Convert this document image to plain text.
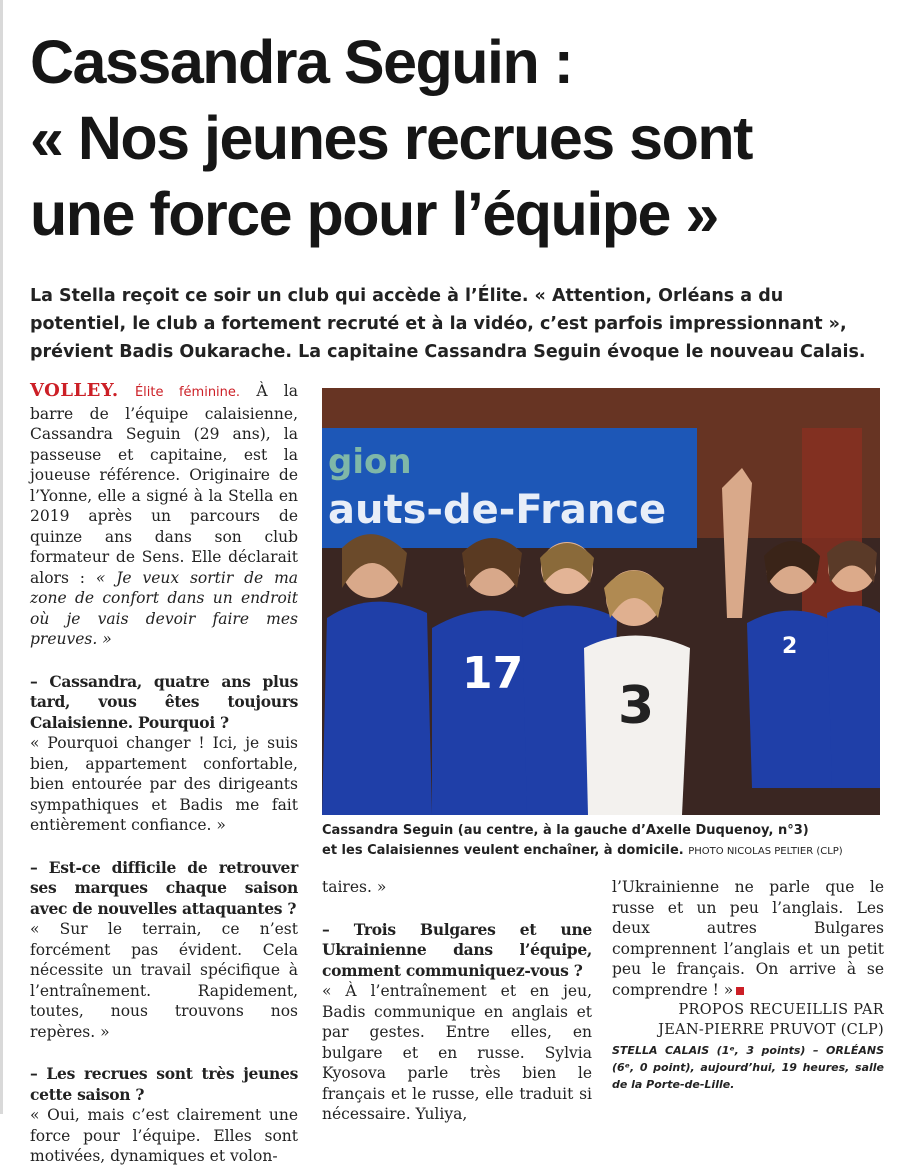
Cassandra Seguin :
« Nos jeunes recrues sont
une force pour l’équipe »
La Stella reçoit ce soir un club qui accède à l’Élite. « Attention, Orléans a du
potentiel, le club a fortement recruté et à la vidéo, c’est parfois impressionnant »,
prévient Badis Oukarache. La capitaine Cassandra Seguin évoque le nouveau Calais.

VOLLEY. Élite féminine. À la barre de l’équipe calaisienne, Cassandra Seguin (29 ans), la passeuse et capitaine, est la joueuse référence. Originaire de l’Yonne, elle a signé à la Stella en 2019 après un parcours de quinze ans dans son club formateur de Sens. Elle déclarait alors : « Je veux sortir de ma zone de confort dans un endroit où je vais devoir faire mes preuves. »

– Cassandra, quatre ans plus tard, vous êtes toujours Calaisienne. Pourquoi ?

« Pourquoi changer ! Ici, je suis bien, appartement confortable, bien entourée par des dirigeants sympathiques et Badis me fait entièrement confiance. »

– Est-ce difficile de retrouver ses marques chaque saison avec de nouvelles attaquantes ?

« Sur le terrain, ce n’est forcément pas évident. Cela nécessite un travail spécifique à l’entraînement. Rapidement, toutes, nous trouvons nos repères. »

– Les recrues sont très jeunes cette saison ?

« Oui, mais c’est clairement une force pour l’équipe. Elles sont motivées, dynamiques et volon-

gion
auts-de-France
17
3
2
Cassandra Seguin (au centre, à la gauche d’Axelle Duquenoy, n°3)
et les Calaisiennes veulent enchaîner, à domicile. PHOTO NICOLAS PELTIER (CLP)

taires. »

– Trois Bulgares et une Ukrainienne dans l’équipe, comment communiquez-vous ?

« À l’entraînement et en jeu, Badis communique en anglais et par gestes. Entre elles, en bulgare et en russe. Sylvia Kyosova parle très bien le français et le russe, elle traduit si nécessaire. Yuliya,

l’Ukrainienne ne parle que le russe et un peu l’anglais. Les deux autres Bulgares comprennent l’anglais et un petit peu le français. On arrive à se comprendre ! »

PROPOS RECUEILLIS PAR
JEAN-PIERRE PRUVOT (CLP)

STELLA CALAIS (1ᵉ, 3 points) – ORLÉANS (6ᵉ, 0 point), aujourd’hui, 19 heures, salle de la Porte-de-Lille.
